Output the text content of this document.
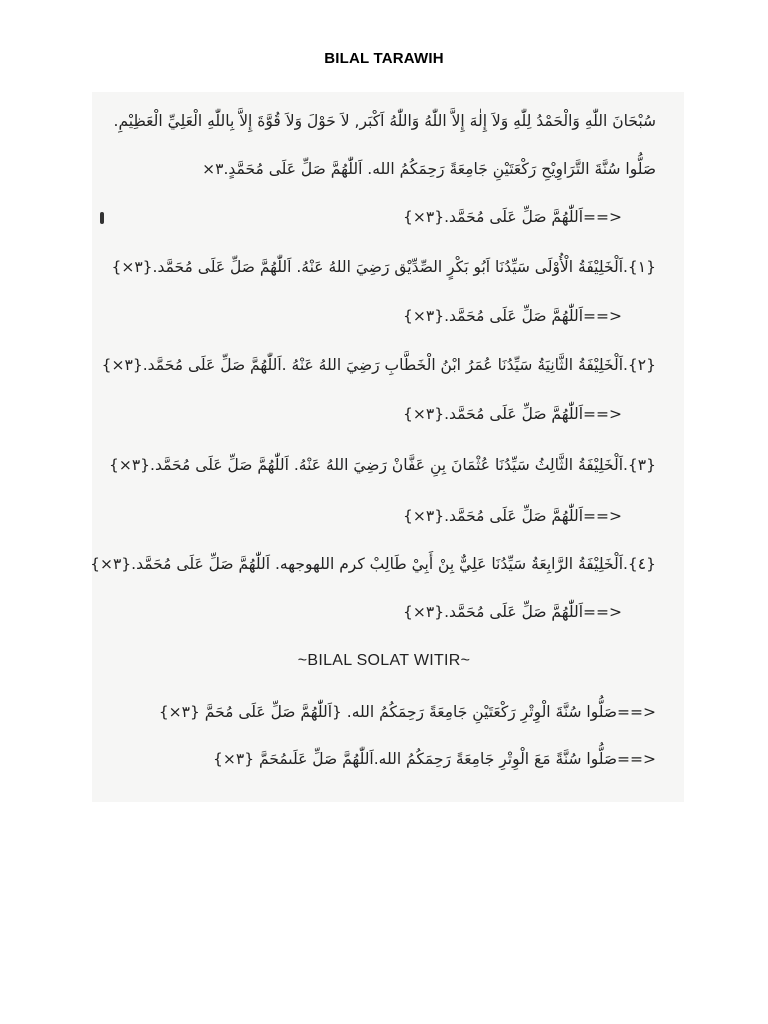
BILAL TARAWIH
سُبْحَانَ اللّٰهِ وَالْحَمْدُ لِلّٰهِ وَلاَ إِلٰهَ إِلاَّ اللّٰهُ وَاللّٰهُ اَكْبَر, لاَ حَوْلَ وَلاَ قُوَّةَ إِلاَّ بِاللّٰهِ الْعَلِيِّ الْعَظِيْمِ.
صَلُّوا سُنَّةَ التَّرَاوِيْحِ رَكْعَتَيْنِ جَامِعَةً رَحِمَكُمُ الله. اَللّٰهُمَّ صَلِّ عَلَى مُحَمَّدٍ.٣×
<==اَللّٰهُمَّ صَلِّ عَلَى مُحَمَّد.{٣×}
{١}.اَلْخَلِيْفَةُ الْأُوْلَى سَيِّدُنَا اَبُو بَكْرٍ الصِّدِّيْق رَضِيَ اللهُ عَنْهُ. اَللّٰهُمَّ صَلِّ عَلَى مُحَمَّد.{٣×}
<==اَللّٰهُمَّ صَلِّ عَلَى مُحَمَّد.{٣×}
{٢}.اَلْخَلِيْفَةُ الثَّانِيَةُ سَيِّدُنَا عُمَرُ ابْنُ الْخَطَّابِ رَضِيَ اللهُ عَنْهُ .اَللّٰهُمَّ صَلِّ عَلَى مُحَمَّد.{٣×}
<==اَللّٰهُمَّ صَلِّ عَلَى مُحَمَّد.{٣×}
{٣}.اَلْخَلِيْفَةُ الثَّالِثُ سَيِّدُنَا عُثْمَانَ بِنِ عَفَّانْ رَضِيَ اللهُ عَنْهُ. اَللّٰهُمَّ صَلِّ عَلَى مُحَمَّد.{٣×}
<==اَللّٰهُمَّ صَلِّ عَلَى مُحَمَّد.{٣×}
{٤}.اَلْخَلِيْفَةُ الرَّابِعَةُ سَيِّدُنَا عَلِيٌّ بِنْ أَبِيْ طَالِبْ كرم اللهوجهه. اَللّٰهُمَّ صَلِّ عَلَى مُحَمَّد.{٣×}
<==اَللّٰهُمَّ صَلِّ عَلَى مُحَمَّد.{٣×}
~BILAL SOLAT WITIR~
<==صَلُّوا سُنَّةَ الْوِتْرِ رَكْعَتَيْنِ جَامِعَةً رَحِمَكُمُ الله. {اَللّٰهُمَّ صَلِّ عَلَى مُحَمَّ {٣×}
<==صَلُّوا سُنَّةً مَعَ الْوِتْرِ جَامِعَةً رَحِمَكُمُ الله.اَللّٰهُمَّ صَلِّ عَلَىمُحَمَّ {٣×}
